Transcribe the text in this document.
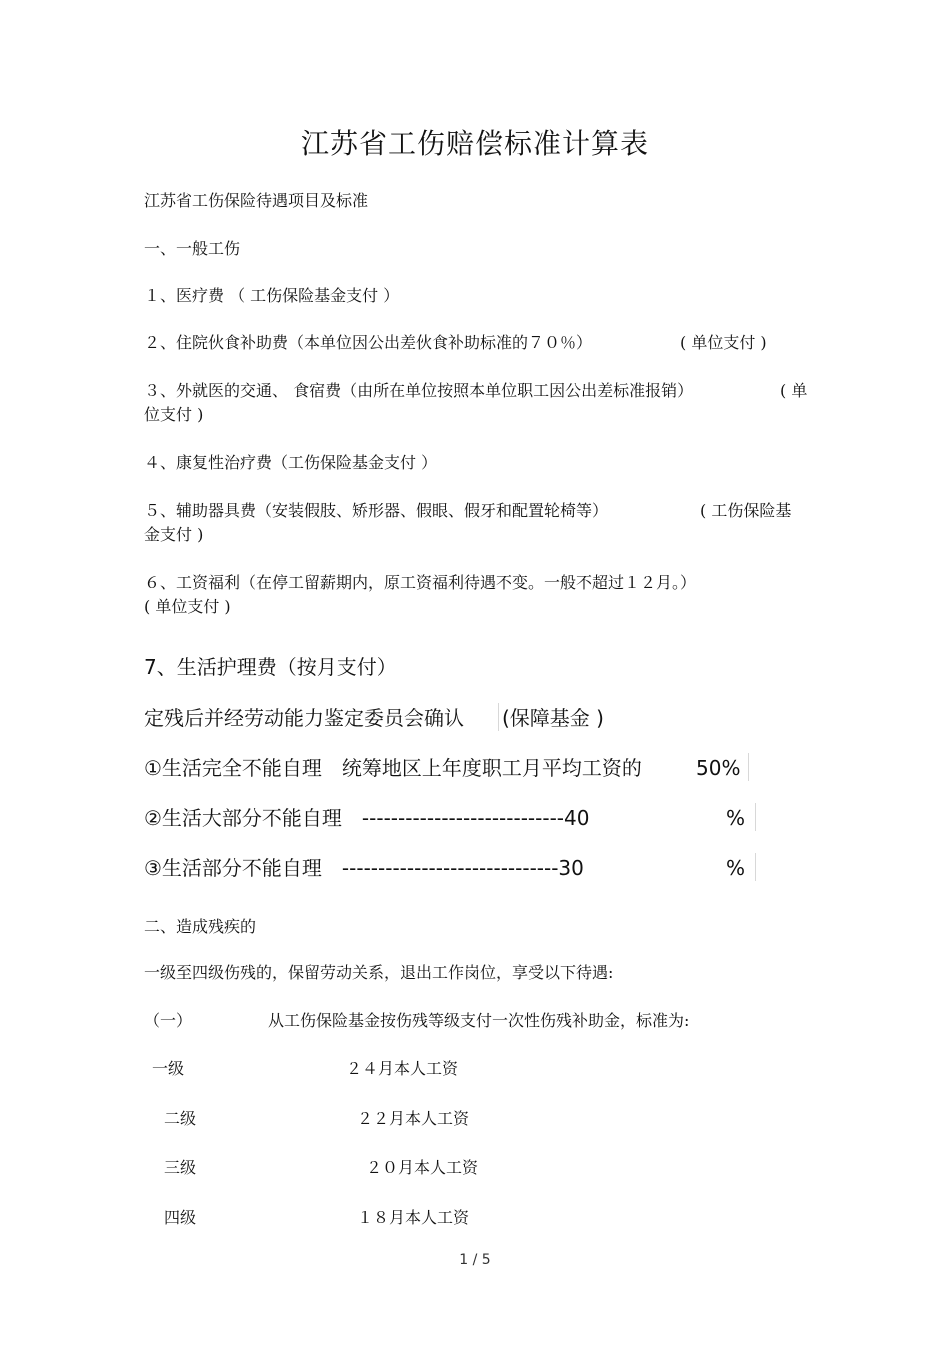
江苏省工伤赔偿标准计算表
江苏省工伤保险待遇项目及标准
一、一般工伤
１、医疗费 （ 工伤保险基金支付 ）
２、住院伙食补助费（本单位因公出差伙食补助标准的７０％）	( 单位支付 )
３、外就医的交通、 食宿费（由所在单位按照本单位职工因公出差标准报销）	( 单
位支付 )
４、康复性治疗费（工伤保险基金支付 ）
５、辅助器具费（安装假肢、矫形器、假眼、假牙和配置轮椅等）	( 工伤保险基
金支付 )
６、工资福利（在停工留薪期内，原工资福利待遇不变。一般不超过１２月。）
( 单位支付 )
7、生活护理费（按月支付）
定残后并经劳动能力鉴定委员会确认 (保障基金 )
①生活完全不能自理　统筹地区上年度职工月平均工资的	50%
②生活大部分不能自理　----------------------------40	%
③生活部分不能自理　------------------------------30	%
二、造成残疾的
一级至四级伤残的，保留劳动关系，退出工作岗位，享受以下待遇:
（一）	从工伤保险基金按伤残等级支付一次性伤残补助金，标准为:
一级	２４月本人工资
二级	２２月本人工资
三级	２０月本人工资
四级	１８月本人工资
1 / 5
